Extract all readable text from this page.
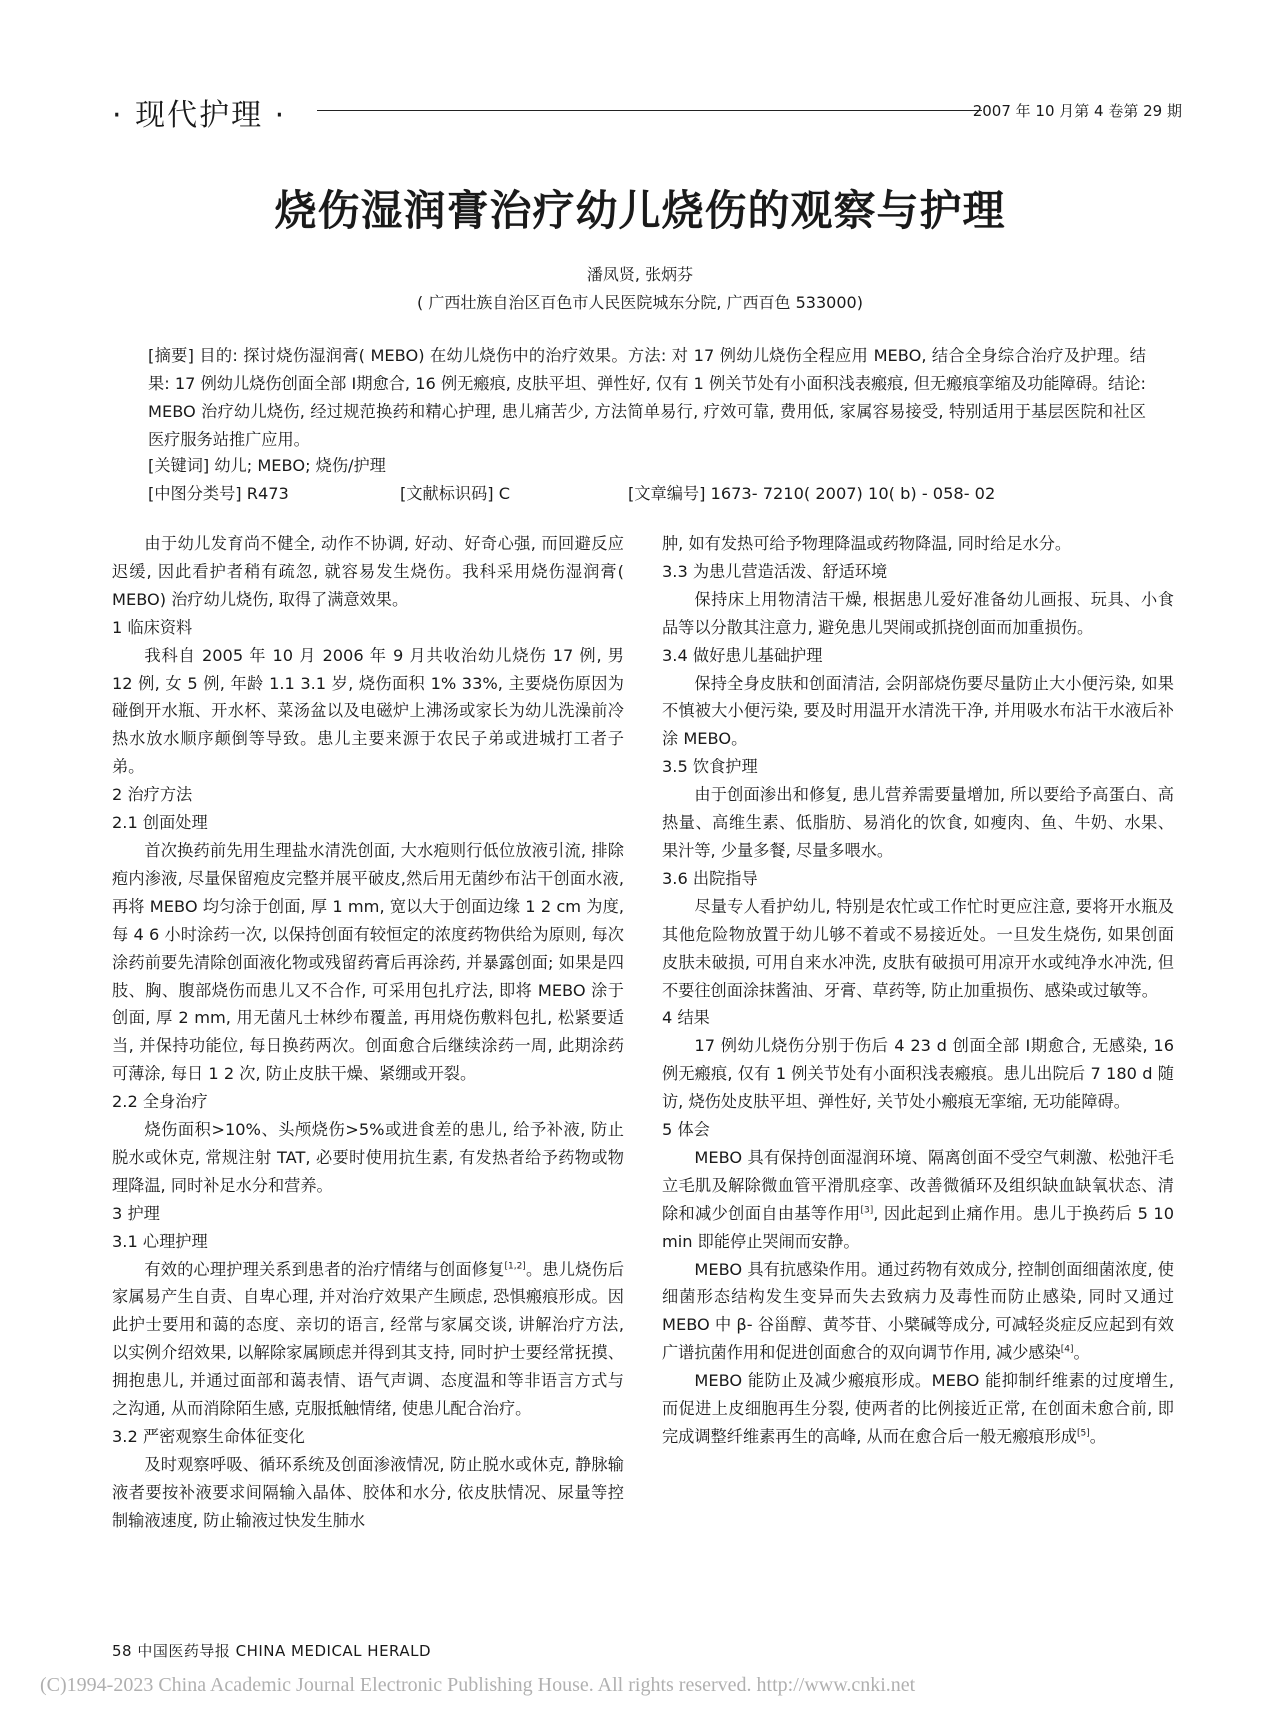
· 现代护理 ·	2007 年 10 月第 4 卷第 29 期
烧伤湿润膏治疗幼儿烧伤的观察与护理
潘凤贤, 张炳芬
( 广西壮族自治区百色市人民医院城东分院, 广西百色 533000)

[摘要] 目的: 探讨烧伤湿润膏( MEBO) 在幼儿烧伤中的治疗效果。方法: 对 17 例幼儿烧伤全程应用 MEBO, 结合全身综合治疗及护理。结果: 17 例幼儿烧伤创面全部 Ⅰ期愈合, 16 例无瘢痕, 皮肤平坦、弹性好, 仅有 1 例关节处有小面积浅表瘢痕, 但无瘢痕挛缩及功能障碍。结论: MEBO 治疗幼儿烧伤, 经过规范换药和精心护理, 患儿痛苦少, 方法简单易行, 疗效可靠, 费用低, 家属容易接受, 特别适用于基层医院和社区医疗服务站推广应用。

[关键词] 幼儿; MEBO; 烧伤/护理
[中图分类号] R473	[文献标识码] C	[文章编号] 1673- 7210( 2007) 10( b) - 058- 02

由于幼儿发育尚不健全, 动作不协调, 好动、好奇心强, 而回避反应迟缓, 因此看护者稍有疏忽, 就容易发生烧伤。我科采用烧伤湿润膏( MEBO) 治疗幼儿烧伤, 取得了满意效果。

1 临床资料

我科自 2005 年 10 月 2006 年 9 月共收治幼儿烧伤 17 例, 男 12 例, 女 5 例, 年龄 1.1 3.1 岁, 烧伤面积 1% 33%, 主要烧伤原因为碰倒开水瓶、开水杯、菜汤盆以及电磁炉上沸汤或家长为幼儿洗澡前冷热水放水顺序颠倒等导致。患儿主要来源于农民子弟或进城打工者子弟。

2 治疗方法

2.1 创面处理

首次换药前先用生理盐水清洗创面, 大水疱则行低位放液引流, 排除疱内渗液, 尽量保留疱皮完整并展平破皮,然后用无菌纱布沾干创面水液, 再将 MEBO 均匀涂于创面, 厚 1 mm, 宽以大于创面边缘 1 2 cm 为度, 每 4 6 小时涂药一次, 以保持创面有较恒定的浓度药物供给为原则, 每次涂药前要先清除创面液化物或残留药膏后再涂药, 并暴露创面; 如果是四肢、胸、腹部烧伤而患儿又不合作, 可采用包扎疗法, 即将 MEBO 涂于创面, 厚 2 mm, 用无菌凡士林纱布覆盖, 再用烧伤敷料包扎, 松紧要适当, 并保持功能位, 每日换药两次。创面愈合后继续涂药一周, 此期涂药可薄涂, 每日 1 2 次, 防止皮肤干燥、紧绷或开裂。

2.2 全身治疗

烧伤面积>10%、头颅烧伤>5%或进食差的患儿, 给予补液, 防止脱水或休克, 常规注射 TAT, 必要时使用抗生素, 有发热者给予药物或物理降温, 同时补足水分和营养。

3 护理

3.1 心理护理

有效的心理护理关系到患者的治疗情绪与创面修复[1,2]。患儿烧伤后家属易产生自责、自卑心理, 并对治疗效果产生顾虑, 恐惧瘢痕形成。因此护士要用和蔼的态度、亲切的语言, 经常与家属交谈, 讲解治疗方法, 以实例介绍效果, 以解除家属顾虑并得到其支持, 同时护士要经常抚摸、拥抱患儿, 并通过面部和蔼表情、语气声调、态度温和等非语言方式与之沟通, 从而消除陌生感, 克服抵触情绪, 使患儿配合治疗。

3.2 严密观察生命体征变化

及时观察呼吸、循环系统及创面渗液情况, 防止脱水或休克, 静脉输液者要按补液要求间隔输入晶体、胶体和水分, 依皮肤情况、尿量等控制输液速度, 防止输液过快发生肺水

肿, 如有发热可给予物理降温或药物降温, 同时给足水分。

3.3 为患儿营造活泼、舒适环境

保持床上用物清洁干燥, 根据患儿爱好准备幼儿画报、玩具、小食品等以分散其注意力, 避免患儿哭闹或抓挠创面而加重损伤。

3.4 做好患儿基础护理

保持全身皮肤和创面清洁, 会阴部烧伤要尽量防止大小便污染, 如果不慎被大小便污染, 要及时用温开水清洗干净, 并用吸水布沾干水液后补涂 MEBO。

3.5 饮食护理

由于创面渗出和修复, 患儿营养需要量增加, 所以要给予高蛋白、高热量、高维生素、低脂肪、易消化的饮食, 如瘦肉、鱼、牛奶、水果、果汁等, 少量多餐, 尽量多喂水。

3.6 出院指导

尽量专人看护幼儿, 特别是农忙或工作忙时更应注意, 要将开水瓶及其他危险物放置于幼儿够不着或不易接近处。一旦发生烧伤, 如果创面皮肤未破损, 可用自来水冲洗, 皮肤有破损可用凉开水或纯净水冲洗, 但不要往创面涂抹酱油、牙膏、草药等, 防止加重损伤、感染或过敏等。

4 结果

17 例幼儿烧伤分别于伤后 4 23 d 创面全部 Ⅰ期愈合, 无感染, 16 例无瘢痕, 仅有 1 例关节处有小面积浅表瘢痕。患儿出院后 7 180 d 随访, 烧伤处皮肤平坦、弹性好, 关节处小瘢痕无挛缩, 无功能障碍。

5 体会

MEBO 具有保持创面湿润环境、隔离创面不受空气刺激、松弛汗毛立毛肌及解除微血管平滑肌痉挛、改善微循环及组织缺血缺氧状态、清除和减少创面自由基等作用[3], 因此起到止痛作用。患儿于换药后 5 10 min 即能停止哭闹而安静。

MEBO 具有抗感染作用。通过药物有效成分, 控制创面细菌浓度, 使细菌形态结构发生变异而失去致病力及毒性而防止感染, 同时又通过 MEBO 中 β- 谷甾醇、黄芩苷、小檗碱等成分, 可减轻炎症反应起到有效广谱抗菌作用和促进创面愈合的双向调节作用, 减少感染[4]。

MEBO 能防止及减少瘢痕形成。MEBO 能抑制纤维素的过度增生, 而促进上皮细胞再生分裂, 使两者的比例接近正常, 在创面未愈合前, 即完成调整纤维素再生的高峰, 从而在愈合后一般无瘢痕形成[5]。

58 中国医药导报 CHINA MEDICAL HERALD
(C)1994-2023 China Academic Journal Electronic Publishing House. All rights reserved. http://www.cnki.net
